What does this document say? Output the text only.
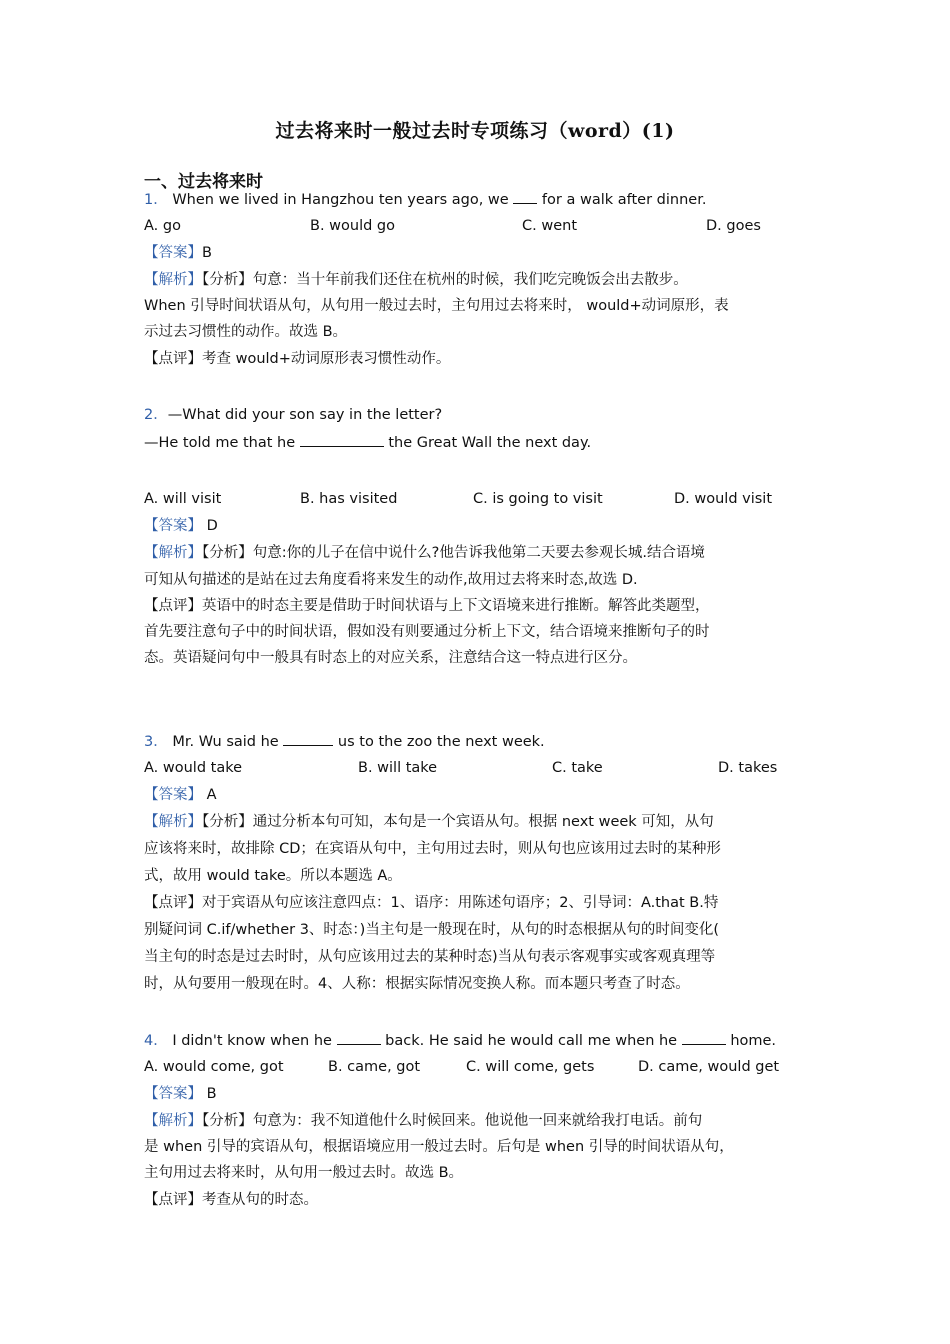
过去将来时一般过去时专项练习（word）(1)
一、过去将来时
1． When we lived in Hangzhou ten years ago, we  for a walk after dinner.
A. go	B. would go	C. went	D. goes
【答案】B
【解析】【分析】句意：当十年前我们还住在杭州的时候，我们吃完晚饭会出去散步。
When 引导时间状语从句，从句用一般过去时，主句用过去将来时， would+动词原形，表
示过去习惯性的动作。故选 B。
【点评】考查 would+动词原形表习惯性动作。
2．—What did your son say in the letter?
—He told me that he	the Great Wall the next day.
A. will visit	B. has visited	C. is going to visit	D. would visit
【答案】 D
【解析】【分析】句意:你的儿子在信中说什么?他告诉我他第二天要去参观长城.结合语境
可知从句描述的是站在过去角度看将来发生的动作,故用过去将来时态,故选 D.
【点评】英语中的时态主要是借助于时间状语与上下文语境来进行推断。解答此类题型，
首先要注意句子中的时间状语，假如没有则要通过分析上下文，结合语境来推断句子的时
态。英语疑问句中一般具有时态上的对应关系，注意结合这一特点进行区分。
3． Mr. Wu said he	us to the zoo the next week.
A. would take	B. will take	C. take	D. takes
【答案】 A
【解析】【分析】通过分析本句可知，本句是一个宾语从句。根据 next week 可知，从句
应该将来时，故排除 CD；在宾语从句中，主句用过去时，则从句也应该用过去时的某种形
式，故用 would take。所以本题选 A。
【点评】对于宾语从句应该注意四点：1、语序：用陈述句语序；2、引导词：A.that B.特
别疑问词 C.if/whether 3、时态：)当主句是一般现在时，从句的时态根据从句的时间变化(
当主句的时态是过去时时，从句应该用过去的某种时态)当从句表示客观事实或客观真理等
时，从句要用一般现在时。4、人称：根据实际情况变换人称。而本题只考查了时态。
4． I didn't know when he	back. He said he would call me when he	home.
A. would come, got	B. came, got	C. will come, gets	D. came, would get
【答案】 B
【解析】【分析】句意为：我不知道他什么时候回来。他说他一回来就给我打电话。前句
是 when 引导的宾语从句，根据语境应用一般过去时。后句是 when 引导的时间状语从句，
主句用过去将来时，从句用一般过去时。故选 B。
【点评】考查从句的时态。
